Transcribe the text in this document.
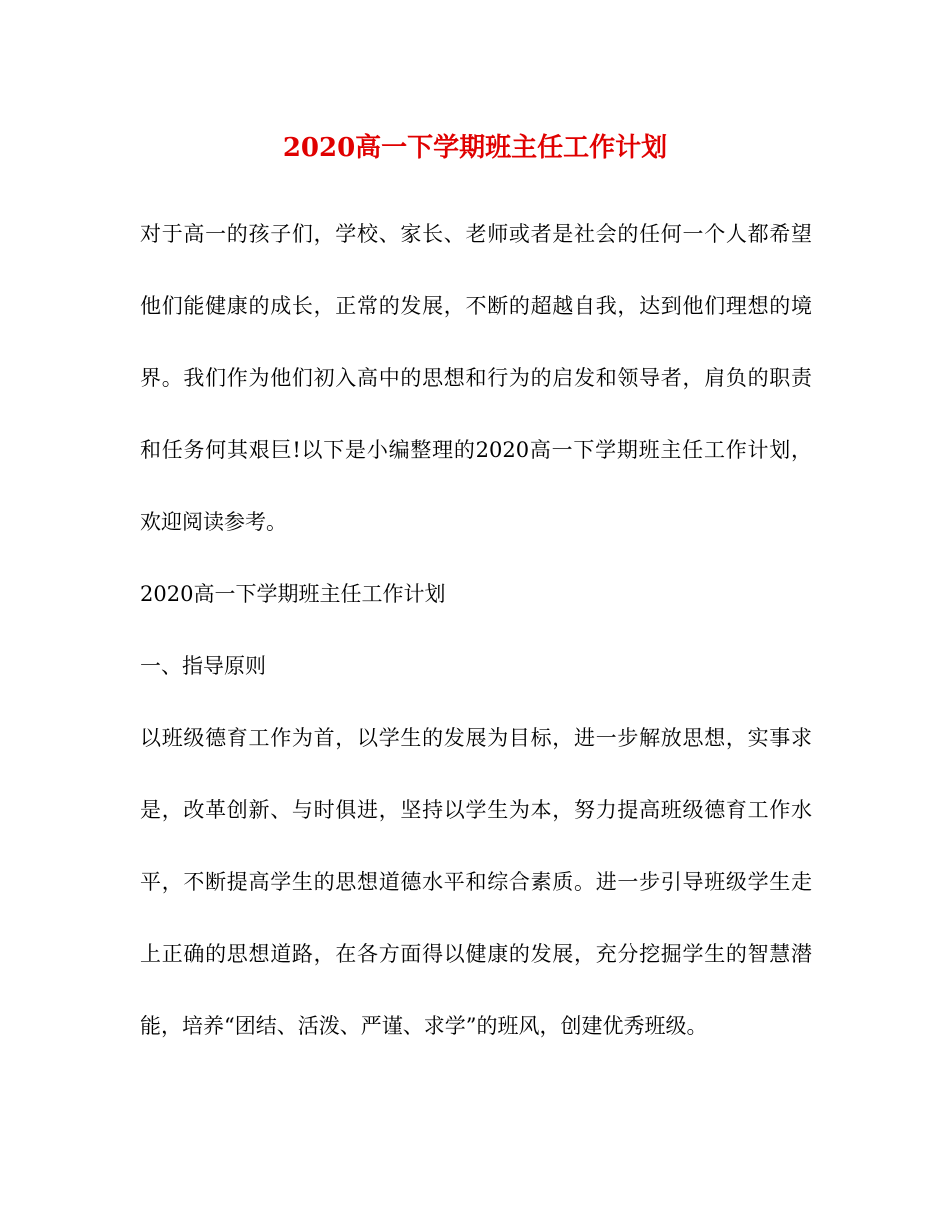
2020高一下学期班主任工作计划
对于高一的孩子们，学校、家长、老师或者是社会的任何一个人都希望
他们能健康的成长，正常的发展，不断的超越自我，达到他们理想的境
界。我们作为他们初入高中的思想和行为的启发和领导者，肩负的职责
和任务何其艰巨!以下是小编整理的2020高一下学期班主任工作计划，
欢迎阅读参考。
2020高一下学期班主任工作计划
一、指导原则
以班级德育工作为首，以学生的发展为目标，进一步解放思想，实事求
是，改革创新、与时俱进，坚持以学生为本，努力提高班级德育工作水
平，不断提高学生的思想道德水平和综合素质。进一步引导班级学生走
上正确的思想道路，在各方面得以健康的发展，充分挖掘学生的智慧潜
能，培养“团结、活泼、严谨、求学”的班风，创建优秀班级。
